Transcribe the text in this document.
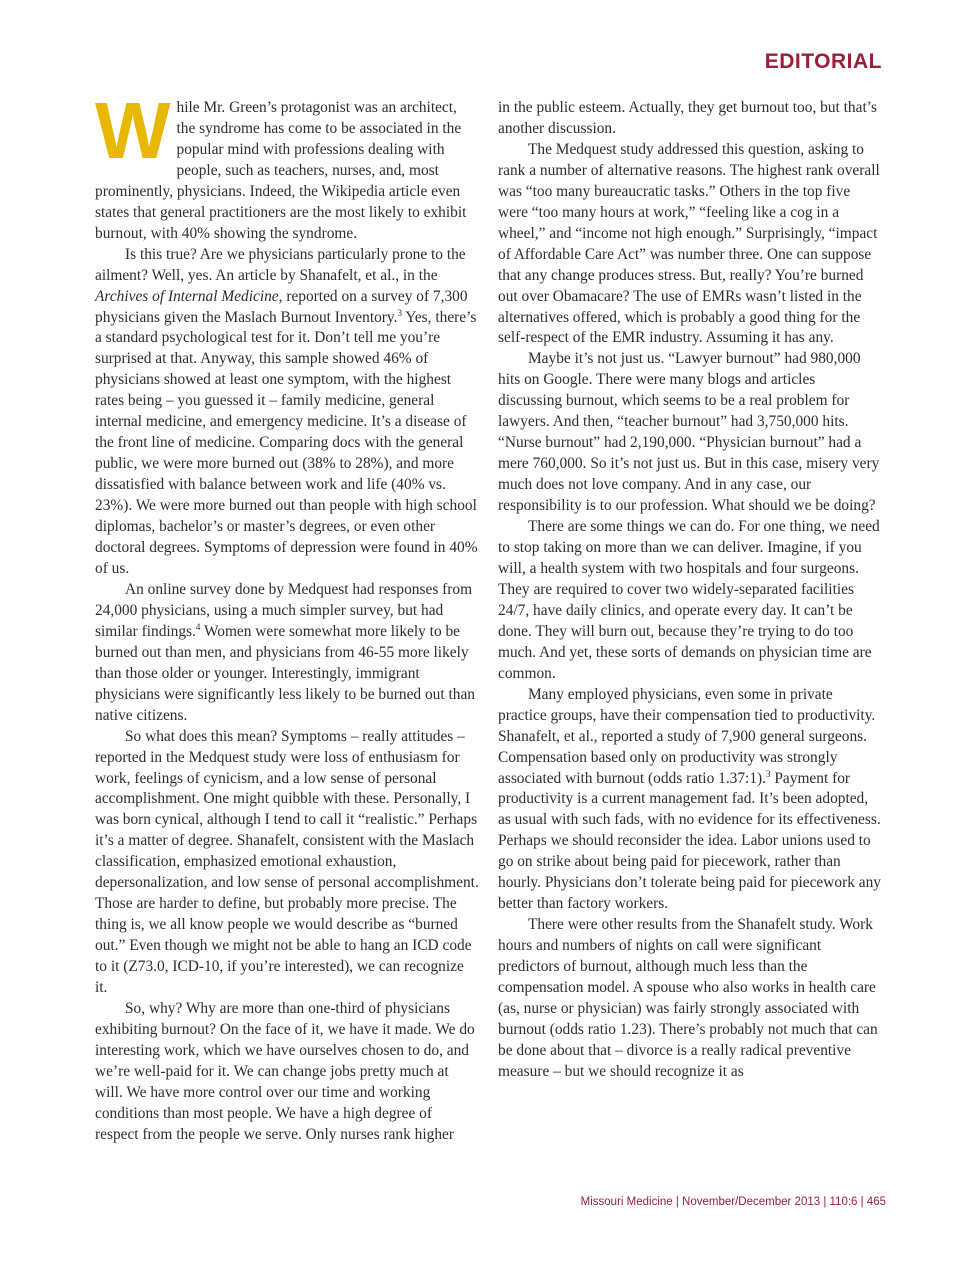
EDITORIAL

While Mr. Green’s protagonist was an architect, the syndrome has come to be associated in the popular mind with professions dealing with people, such as teachers, nurses, and, most prominently, physicians. Indeed, the Wikipedia article even states that general practitioners are the most likely to exhibit burnout, with 40% showing the syndrome.

Is this true? Are we physicians particularly prone to the ailment? Well, yes. An article by Shanafelt, et al., in the Archives of Internal Medicine, reported on a survey of 7,300 physicians given the Maslach Burnout Inventory.$^3$ Yes, there’s a standard psychological test for it. Don’t tell me you’re surprised at that. Anyway, this sample showed 46% of physicians showed at least one symptom, with the highest rates being – you guessed it – family medicine, general internal medicine, and emergency medicine. It’s a disease of the front line of medicine. Comparing docs with the general public, we were more burned out (38% to 28%), and more dissatisfied with balance between work and life (40% vs. 23%). We were more burned out than people with high school diplomas, bachelor’s or master’s degrees, or even other doctoral degrees. Symptoms of depression were found in 40% of us.

An online survey done by Medquest had responses from 24,000 physicians, using a much simpler survey, but had similar findings.$^4$ Women were somewhat more likely to be burned out than men, and physicians from 46-55 more likely than those older or younger. Interestingly, immigrant physicians were significantly less likely to be burned out than native citizens.

So what does this mean? Symptoms – really attitudes – reported in the Medquest study were loss of enthusiasm for work, feelings of cynicism, and a low sense of personal accomplishment. One might quibble with these. Personally, I was born cynical, although I tend to call it “realistic.” Perhaps it’s a matter of degree. Shanafelt, consistent with the Maslach classification, emphasized emotional exhaustion, depersonalization, and low sense of personal accomplishment. Those are harder to define, but probably more precise. The thing is, we all know people we would describe as “burned out.” Even though we might not be able to hang an ICD code to it (Z73.0, ICD-10, if you’re interested), we can recognize it.

So, why? Why are more than one-third of physicians exhibiting burnout? On the face of it, we have it made. We do interesting work, which we have ourselves chosen to do, and we’re well-paid for it. We can change jobs pretty much at will. We have more control over our time and working conditions than most people. We have a high degree of respect from the people we serve. Only nurses rank higher

in the public esteem. Actually, they get burnout too, but that’s another discussion.

The Medquest study addressed this question, asking to rank a number of alternative reasons. The highest rank overall was “too many bureaucratic tasks.” Others in the top five were “too many hours at work,” “feeling like a cog in a wheel,” and “income not high enough.” Surprisingly, “impact of Affordable Care Act” was number three. One can suppose that any change produces stress. But, really? You’re burned out over Obamacare? The use of EMRs wasn’t listed in the alternatives offered, which is probably a good thing for the self-respect of the EMR industry. Assuming it has any.

Maybe it’s not just us. “Lawyer burnout” had 980,000 hits on Google. There were many blogs and articles discussing burnout, which seems to be a real problem for lawyers. And then, “teacher burnout” had 3,750,000 hits. “Nurse burnout” had 2,190,000. “Physician burnout” had a mere 760,000. So it’s not just us. But in this case, misery very much does not love company. And in any case, our responsibility is to our profession. What should we be doing?

There are some things we can do. For one thing, we need to stop taking on more than we can deliver. Imagine, if you will, a health system with two hospitals and four surgeons. They are required to cover two widely-separated facilities 24/7, have daily clinics, and operate every day. It can’t be done. They will burn out, because they’re trying to do too much. And yet, these sorts of demands on physician time are common.

Many employed physicians, even some in private practice groups, have their compensation tied to productivity. Shanafelt, et al., reported a study of 7,900 general surgeons. Compensation based only on productivity was strongly associated with burnout (odds ratio 1.37:1).$^3$ Payment for productivity is a current management fad. It’s been adopted, as usual with such fads, with no evidence for its effectiveness. Perhaps we should reconsider the idea. Labor unions used to go on strike about being paid for piecework, rather than hourly. Physicians don’t tolerate being paid for piecework any better than factory workers.

There were other results from the Shanafelt study. Work hours and numbers of nights on call were significant predictors of burnout, although much less than the compensation model. A spouse who also works in health care (as, nurse or physician) was fairly strongly associated with burnout (odds ratio 1.23). There’s probably not much that can be done about that – divorce is a really radical preventive measure – but we should recognize it as

Missouri Medicine | November/December 2013 | 110:6 | 465
